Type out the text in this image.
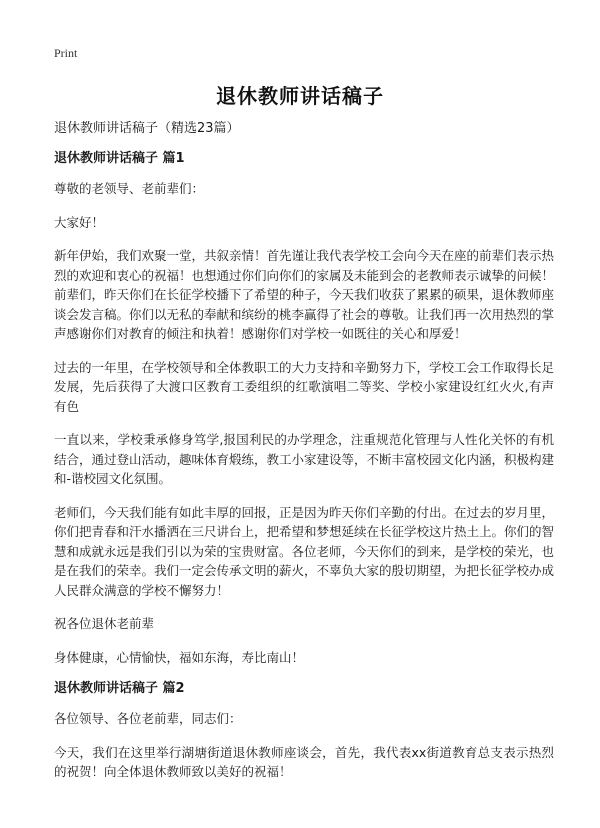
Print
退休教师讲话稿子

退休教师讲话稿子（精选23篇）

退休教师讲话稿子 篇1

尊敬的老领导、老前辈们：

大家好！

新年伊始，我们欢聚一堂，共叙亲情！首先谨让我代表学校工会向今天在座的前辈们表示热烈的欢迎和衷心的祝福！也想通过你们向你们的家属及未能到会的老教师表示诚挚的问候！前辈们，昨天你们在长征学校播下了希望的种子，今天我们收获了累累的硕果，退休教师座谈会发言稿。你们以无私的奉献和缤纷的桃李赢得了社会的尊敬。让我们再一次用热烈的掌声感谢你们对教育的倾注和执着！感谢你们对学校一如既往的关心和厚爱！

过去的一年里，在学校领导和全体教职工的大力支持和辛勤努力下，学校工会工作取得长足发展，先后获得了大渡口区教育工委组织的红歌演唱二等奖、学校小家建设红红火火,有声有色

一直以来，学校秉承修身笃学,报国利民的办学理念，注重规范化管理与人性化关怀的有机结合，通过登山活动，趣味体育煅练，教工小家建设等，不断丰富校园文化内涵，积极构建和-谐校园文化氛围。

老师们，今天我们能有如此丰厚的回报，正是因为昨天你们辛勤的付出。在过去的岁月里，你们把青春和汗水播洒在三尺讲台上，把希望和梦想延续在长征学校这片热土上。你们的智慧和成就永远是我们引以为荣的宝贵财富。各位老师，今天你们的到来，是学校的荣光，也是在我们的荣幸。我们一定会传承文明的薪火，不辜负大家的殷切期望，为把长征学校办成人民群众满意的学校不懈努力！

祝各位退休老前辈

身体健康，心情愉快，福如东海，寿比南山！

退休教师讲话稿子 篇2

各位领导、各位老前辈，同志们：

今天，我们在这里举行湖塘街道退休教师座谈会，首先，我代表xx街道教育总支表示热烈的祝贺！向全体退休教师致以美好的祝福！
